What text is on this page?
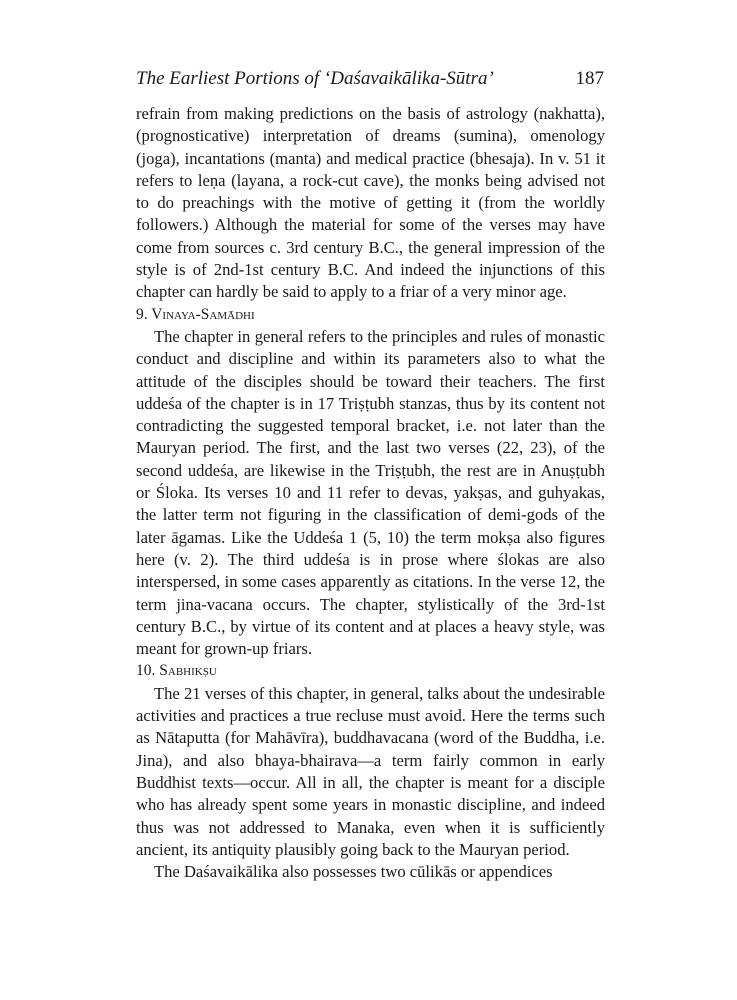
The Earliest Portions of ‘Daśavaikālika-Sūtra’	187

refrain from making predictions on the basis of astrology (nakhatta), (prognosticative) interpretation of dreams (sumina), omenology (joga), incantations (manta) and medical practice (bhesaja). In v. 51 it refers to leṇa (layana, a rock-cut cave), the monks being advised not to do preachings with the motive of getting it (from the worldly followers.) Although the material for some of the verses may have come from sources c. 3rd century B.C., the general impression of the style is of 2nd-1st century B.C. And indeed the injunctions of this chapter can hardly be said to apply to a friar of a very minor age.

9. Vinaya-Samādhi

The chapter in general refers to the principles and rules of monastic conduct and discipline and within its parameters also to what the attitude of the disciples should be toward their teachers. The first uddeśa of the chapter is in 17 Triṣṭubh stanzas, thus by its content not contradicting the suggested temporal bracket, i.e. not later than the Mauryan period. The first, and the last two verses (22, 23), of the second uddeśa, are likewise in the Triṣṭubh, the rest are in Anuṣṭubh or Śloka. Its verses 10 and 11 refer to devas, yakṣas, and guhyakas, the latter term not figuring in the classification of demi-gods of the later āgamas. Like the Uddeśa 1 (5, 10) the term mokṣa also figures here (v. 2). The third uddeśa is in prose where ślokas are also interspersed, in some cases apparently as citations. In the verse 12, the term jina-vacana occurs. The chapter, stylistically of the 3rd-1st century B.C., by virtue of its content and at places a heavy style, was meant for grown-up friars.

10. Sabhikṣu

The 21 verses of this chapter, in general, talks about the undesirable activities and practices a true recluse must avoid. Here the terms such as Nātaputta (for Mahāvīra), buddhavacana (word of the Buddha, i.e. Jina), and also bhaya-bhairava—a term fairly common in early Buddhist texts—occur. All in all, the chapter is meant for a disciple who has already spent some years in monastic discipline, and indeed thus was not addressed to Manaka, even when it is sufficiently ancient, its antiquity plausibly going back to the Mauryan period.

The Daśavaikālika also possesses two cūlikās or appendices
